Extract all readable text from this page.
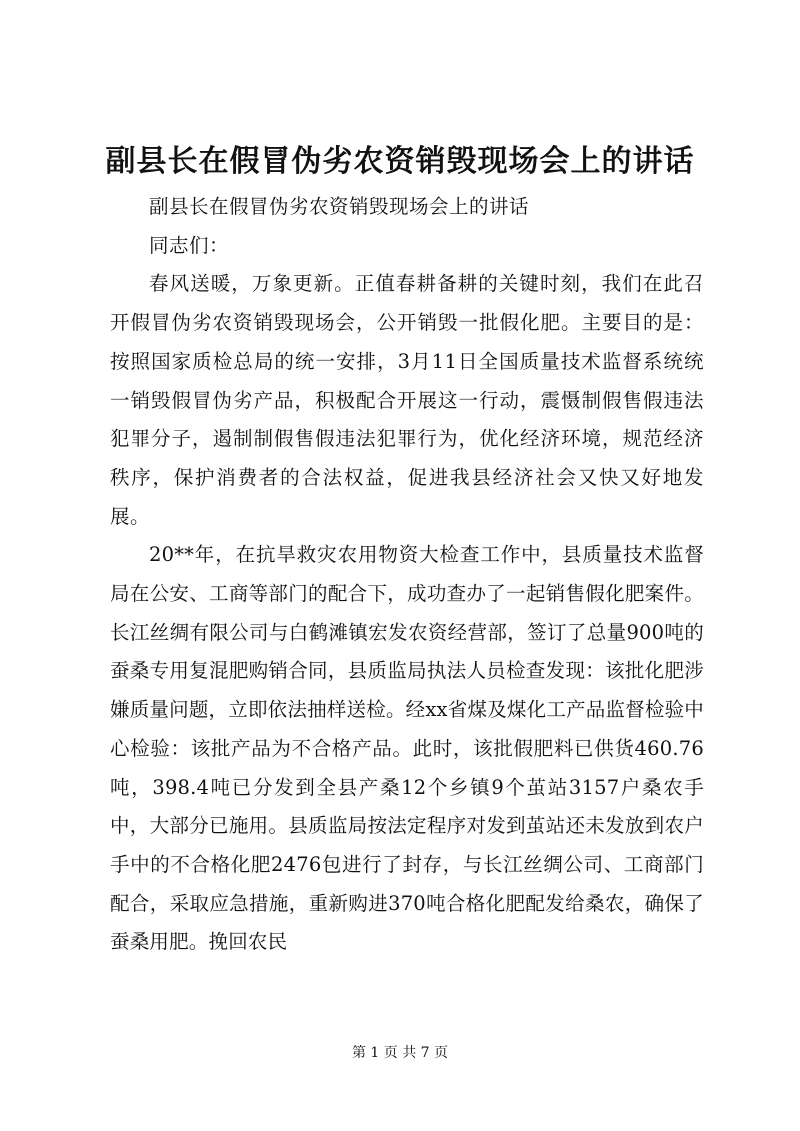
副县长在假冒伪劣农资销毁现场会上的讲话

副县长在假冒伪劣农资销毁现场会上的讲话

同志们：

春风送暖，万象更新。正值春耕备耕的关键时刻，我们在此召开假冒伪劣农资销毁现场会，公开销毁一批假化肥。主要目的是：按照国家质检总局的统一安排，3月11日全国质量技术监督系统统一销毁假冒伪劣产品，积极配合开展这一行动，震慑制假售假违法犯罪分子，遏制制假售假违法犯罪行为，优化经济环境，规范经济秩序，保护消费者的合法权益，促进我县经济社会又快又好地发展。

20**年，在抗旱救灾农用物资大检查工作中，县质量技术监督局在公安、工商等部门的配合下，成功查办了一起销售假化肥案件。长江丝绸有限公司与白鹤滩镇宏发农资经营部，签订了总量900吨的蚕桑专用复混肥购销合同，县质监局执法人员检查发现：该批化肥涉嫌质量问题，立即依法抽样送检。经xx省煤及煤化工产品监督检验中心检验：该批产品为不合格产品。此时，该批假肥料已供货460.76吨，398.4吨已分发到全县产桑12个乡镇9个茧站3157户桑农手中，大部分已施用。县质监局按法定程序对发到茧站还未发放到农户手中的不合格化肥2476包进行了封存，与长江丝绸公司、工商部门配合，采取应急措施，重新购进370吨合格化肥配发给桑农，确保了蚕桑用肥。挽回农民

第 1 页 共 7 页
